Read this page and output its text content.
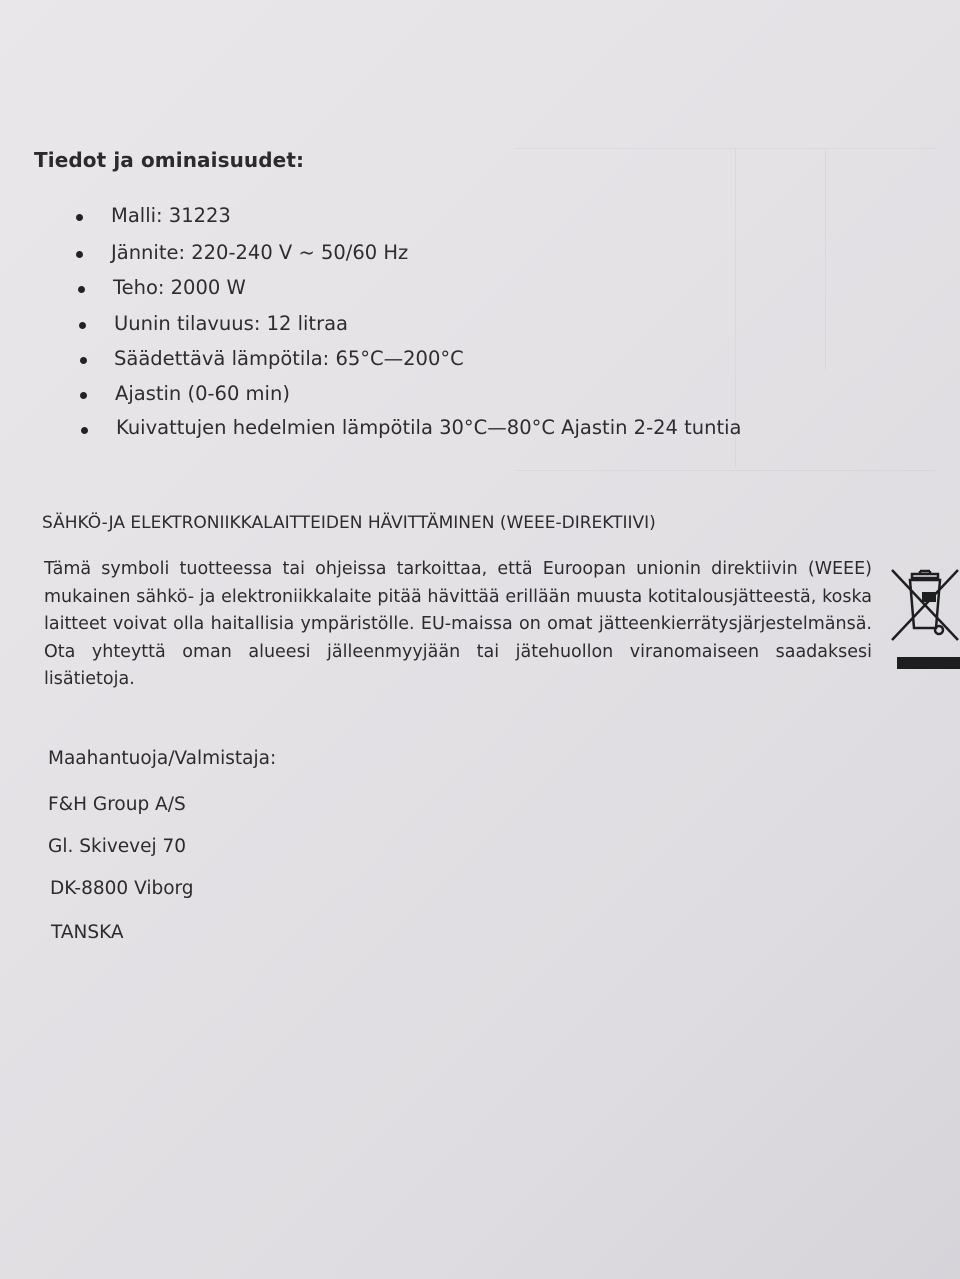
Tiedot ja ominaisuudet:
Malli: 31223
Jännite: 220-240 V ~ 50/60 Hz
Teho: 2000 W
Uunin tilavuus: 12 litraa
Säädettävä lämpötila: 65°C—200°C
Ajastin (0-60 min)
Kuivattujen hedelmien lämpötila 30°C—80°C Ajastin 2-24 tuntia
SÄHKÖ-JA ELEKTRONIIKKALAITTEIDEN HÄVITTÄMINEN (WEEE-DIREKTIIVI)
Tämä symboli tuotteessa tai ohjeissa tarkoittaa, että Euroopan unionin direktiivin (WEEE) mukainen sähkö- ja elektroniikkalaite pitää hävittää erillään muusta kotitalousjätteestä, koska laitteet voivat olla haitallisia ympäristölle. EU-maissa on omat jätteenkierrätysjärjestelmänsä. Ota yhteyttä oman alueesi jälleenmyyjään tai jätehuollon viranomaiseen saadaksesi lisätietoja.
Maahantuoja/Valmistaja:
F&H Group A/S
Gl. Skivevej 70
DK-8800 Viborg
TANSKA
